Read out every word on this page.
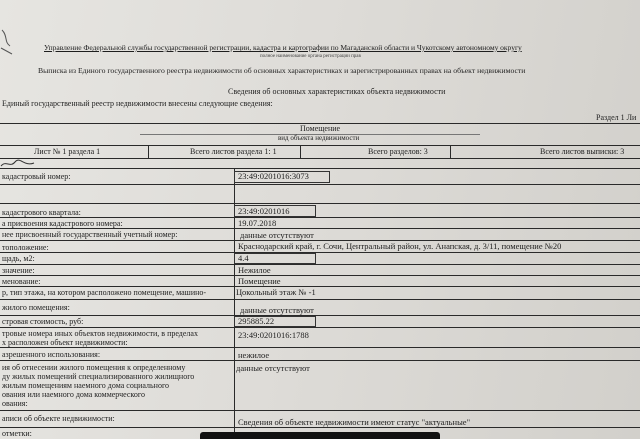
Управление Федеральной службы государственной регистрации, кадастра и картографии по Магаданской области и Чукотскому автономному округу
полное наименование органа регистрации прав
Выписка из Единого государственного реестра недвижимости об основных характеристиках и зарегистрированных правах на объект недвижимости
Сведения об основных характеристиках объекта недвижимости
Единый государственный реестр недвижимости внесены следующие сведения:
Раздел 1 Ли
Помещение
вид объекта недвижимости
Лист № 1 раздела 1	Всего листов раздела 1: 1	Всего разделов: 3	Всего листов выписки: 3
кадастровый номер:	23:49:0201016:3073
кадастрового квартала:	23:49:0201016
а присвоения кадастрового номера:	19.07.2018
нее присвоенный государственный учетный номер:	данные отсутствуют
тоположение:	Краснодарский край, г. Сочи, Центральный район, ул. Анапская, д. 3/11, помещение №20
щадь, м2:	4.4
значение:	Нежилое
менование:	Помещение
р, тип этажа, на котором расположено помещение, машино-	Цокольный этаж № -1
жилого помещения:	данные отсутствуют
стровая стоимость, руб:	295885.22
тровые номера иных объектов недвижимости, в пределах
х расположен объект недвижимости:
23:49:0201016:1788
азрешенного использования:	нежилое
ия об отнесении жилого помещения к определенному
ду жилых помещений специализированного жилищного
жилым помещениям наемного дома социального
ования или наемного дома коммерческого
ования:
данные отсутствуют
аписи об объекте недвижимости:	Сведения об объекте недвижимости имеют статус "актуальные"
отметки:
